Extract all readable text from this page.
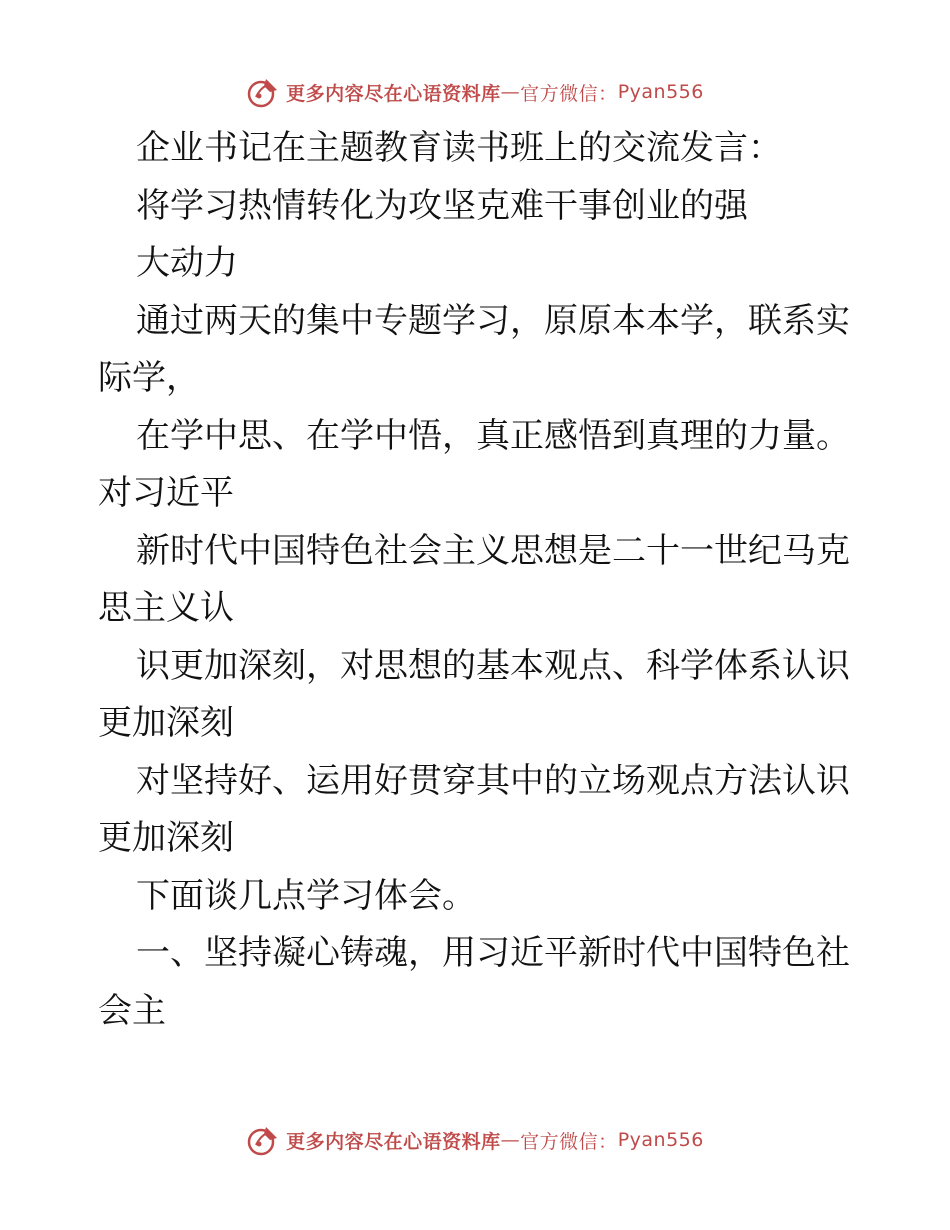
更多内容尽在心语资料库 — 官方微信： Pyan556
企业书记在主题教育读书班上的交流发言：
将学习热情转化为攻坚克难干事创业的强
大动力
通过两天的集中专题学习，原原本本学，联系实
际学，
在学中思、在学中悟，真正感悟到真理的力量。
对习近平
新时代中国特色社会主义思想是二十一世纪马克
思主义认
识更加深刻，对思想的基本观点、科学体系认识
更加深刻
对坚持好、运用好贯穿其中的立场观点方法认识
更加深刻
下面谈几点学习体会。
一、坚持凝心铸魂，用习近平新时代中国特色社
会主
更多内容尽在心语资料库 — 官方微信： Pyan556
